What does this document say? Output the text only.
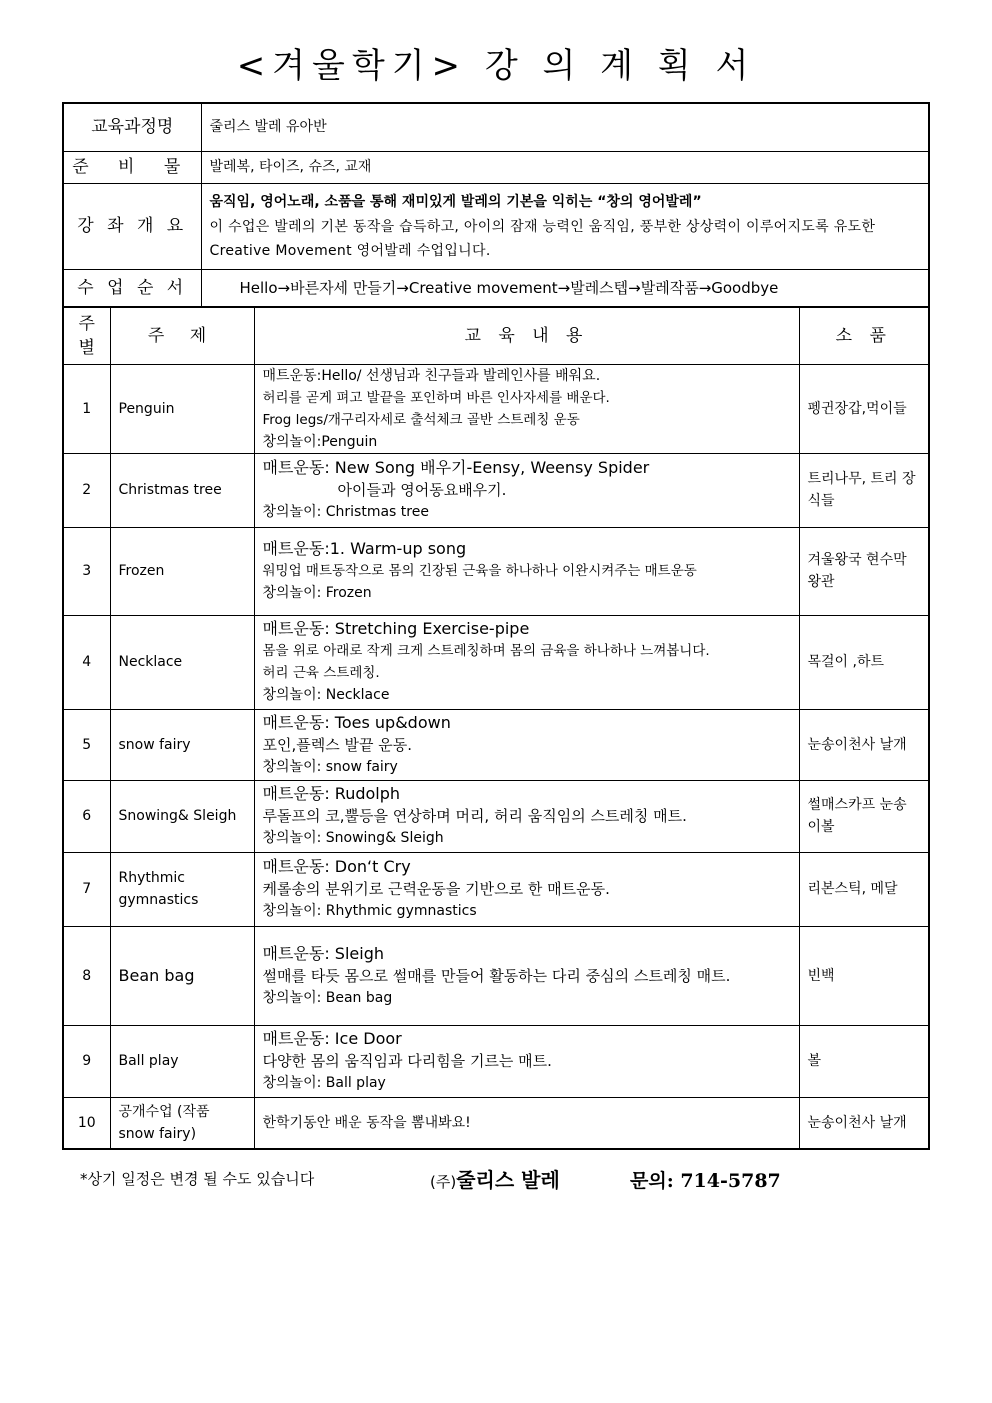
<겨울학기> 강 의 계 획 서
교육과정명	줄리스 발레 유아반
준 비 물	발레복, 타이즈, 슈즈, 교재
강 좌 개 요	움직임, 영어노래, 소품을 통해 재미있게 발레의 기본을 익히는 “창의 영어발레”
이 수업은 발레의 기본 동작을 습득하고, 아이의 잠재 능력인 움직임, 풍부한 상상력이 이루어지도록 유도한 Creative Movement 영어발레 수업입니다.

수 업 순 서	Hello→바른자세 만들기→Creative movement→발레스텝→발레작품→Goodbye
주별	주 제	교 육 내 용	소 품
1	Penguin	매트운동:Hello/ 선생님과 친구들과 발레인사를 배워요.
허리를 곧게 펴고 발끝을 포인하며 바른 인사자세를 배운다.
Frog legs/개구리자세로 출석체크 골반 스트레칭 운동
창의놀이:Penguin	펭귄장갑,먹이들
2	Christmas tree	매트운동: New Song 배우기-Eensy, Weensy Spider
아이들과 영어동요배우기.
창의놀이: Christmas tree	트리나무, 트리 장식들
3	Frozen	매트운동:1. Warm-up song
워밍업 매트동작으로 몸의 긴장된 근육을 하나하나 이완시켜주는 매트운동
창의놀이: Frozen	겨울왕국 현수막 왕관
4	Necklace	매트운동: Stretching Exercise-pipe
몸을 위로 아래로 작게 크게 스트레칭하며 몸의 금육을 하나하나 느껴봅니다.
허리 근육 스트레칭.
창의놀이: Necklace	목걸이 ,하트
5	snow fairy	매트운동: Toes up&down
포인,플렉스 발끝 운동.
창의놀이: snow fairy	눈송이천사 날개
6	Snowing& Sleigh	매트운동: Rudolph
루돌프의 코,뿔등을 연상하며 머리, 허리 움직임의 스트레칭 매트.
창의놀이: Snowing& Sleigh	썰매스카프 눈송이볼
7	Rhythmic gymnastics	매트운동: Don‘t Cry
케롤송의 분위기로 근력운동을 기반으로 한 매트운동.
창의놀이: Rhythmic gymnastics	리본스틱, 메달
8	Bean bag	매트운동: Sleigh
썰매를 타듯 몸으로 썰매를 만들어 활동하는 다리 중심의 스트레칭 매트.
창의놀이: Bean bag	빈백
9	Ball play	매트운동: Ice Door
다양한 몸의 움직임과 다리힘을 기르는 매트.
창의놀이: Ball play	볼
10	공개수업 (작품snow fairy)	한학기동안 배운 동작을 뽐내봐요!	눈송이천사 날개
*상기 일정은 변경 될 수도 있습니다	(주)줄리스 발레	문의: 714-5787
